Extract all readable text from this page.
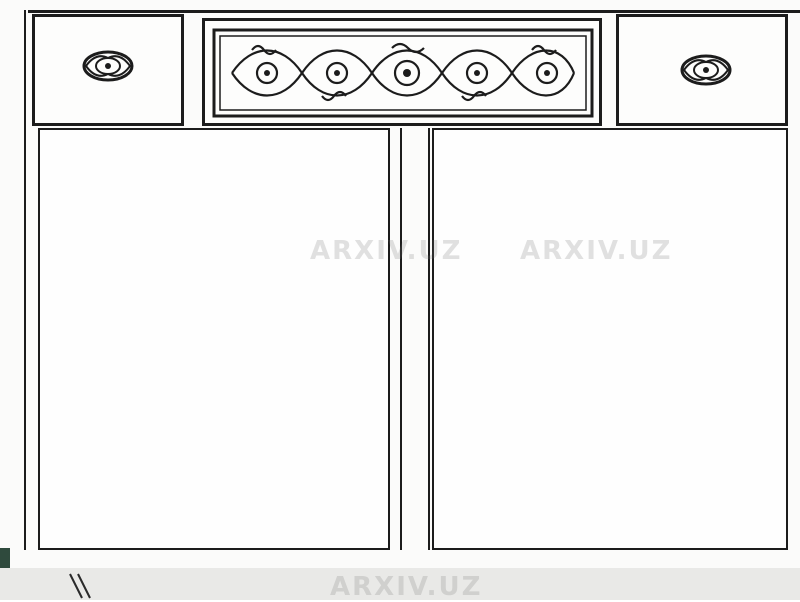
ARXIV.UZ ARXIV.UZ
ARXIV.UZ
